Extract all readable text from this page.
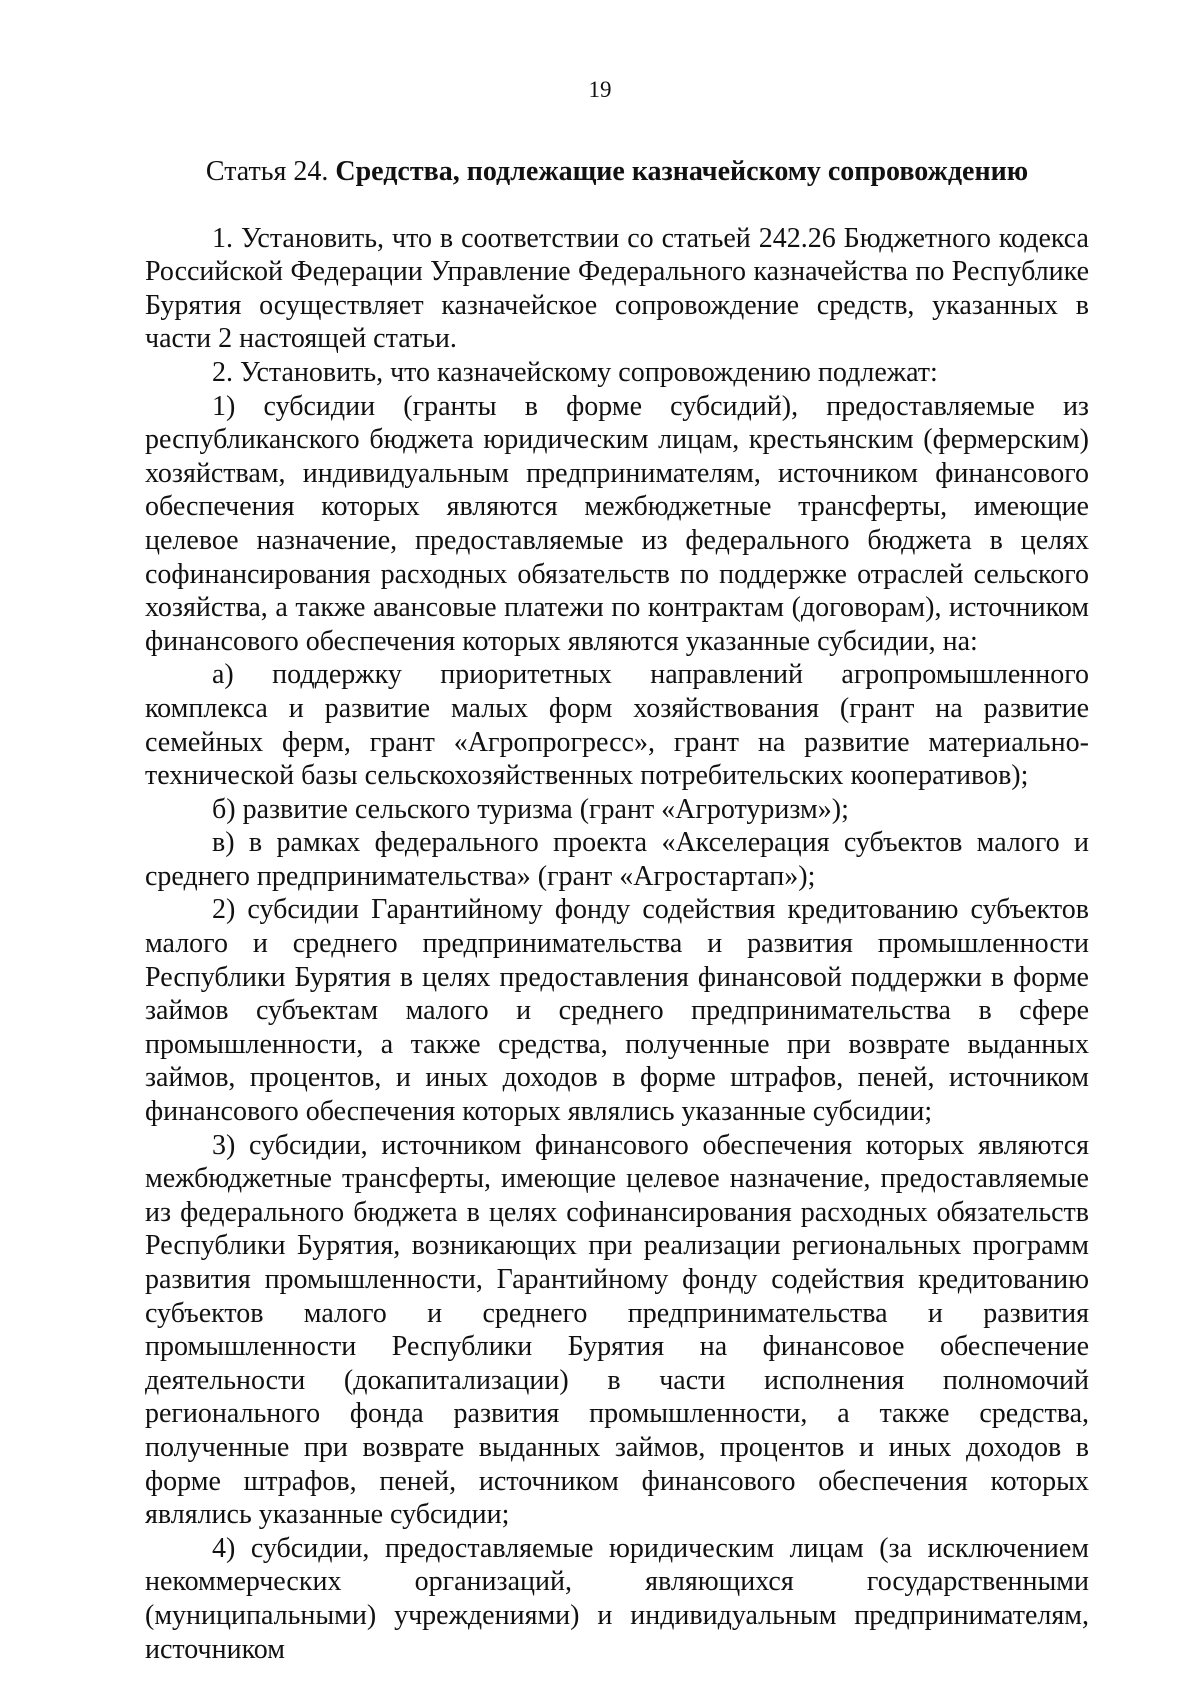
19
Статья 24. Средства, подлежащие казначейскому сопровождению

1. Установить, что в соответствии со статьей 242.26 Бюджетного кодекса Российской Федерации Управление Федерального казначейства по Республике Бурятия осуществляет казначейское сопровождение средств, указанных в части 2 настоящей статьи.

2. Установить, что казначейскому сопровождению подлежат:

1) субсидии (гранты в форме субсидий), предоставляемые из республиканского бюджета юридическим лицам, крестьянским (фермерским) хозяйствам, индивидуальным предпринимателям, источником финансового обеспечения которых являются межбюджетные трансферты, имеющие целевое назначение, предоставляемые из федерального бюджета в целях софинансирования расходных обязательств по поддержке отраслей сельского хозяйства, а также авансовые платежи по контрактам (договорам), источником финансового обеспечения которых являются указанные субсидии, на:

а) поддержку приоритетных направлений агропромышленного комплекса и развитие малых форм хозяйствования (грант на развитие семейных ферм, грант «Агропрогресс», грант на развитие материально-технической базы сельскохозяйственных потребительских кооперативов);

б) развитие сельского туризма (грант «Агротуризм»);

в) в рамках федерального проекта «Акселерация субъектов малого и среднего предпринимательства» (грант «Агростартап»);

2) субсидии Гарантийному фонду содействия кредитованию субъектов малого и среднего предпринимательства и развития промышленности Республики Бурятия в целях предоставления финансовой поддержки в форме займов субъектам малого и среднего предпринимательства в сфере промышленности, а также средства, полученные при возврате выданных займов, процентов, и иных доходов в форме штрафов, пеней, источником финансового обеспечения которых являлись указанные субсидии;

3) субсидии, источником финансового обеспечения которых являются межбюджетные трансферты, имеющие целевое назначение, предоставляемые из федерального бюджета в целях софинансирования расходных обязательств Республики Бурятия, возникающих при реализации региональных программ развития промышленности, Гарантийному фонду содействия кредитованию субъектов малого и среднего предпринимательства и развития промышленности Республики Бурятия на финансовое обеспечение деятельности (докапитализации) в части исполнения полномочий регионального фонда развития промышленности, а также средства, полученные при возврате выданных займов, процентов и иных доходов в форме штрафов, пеней, источником финансового обеспечения которых являлись указанные субсидии;

4) субсидии, предоставляемые юридическим лицам (за исключением некоммерческих организаций, являющихся государственными (муниципальными) учреждениями) и индивидуальным предпринимателям, источником
